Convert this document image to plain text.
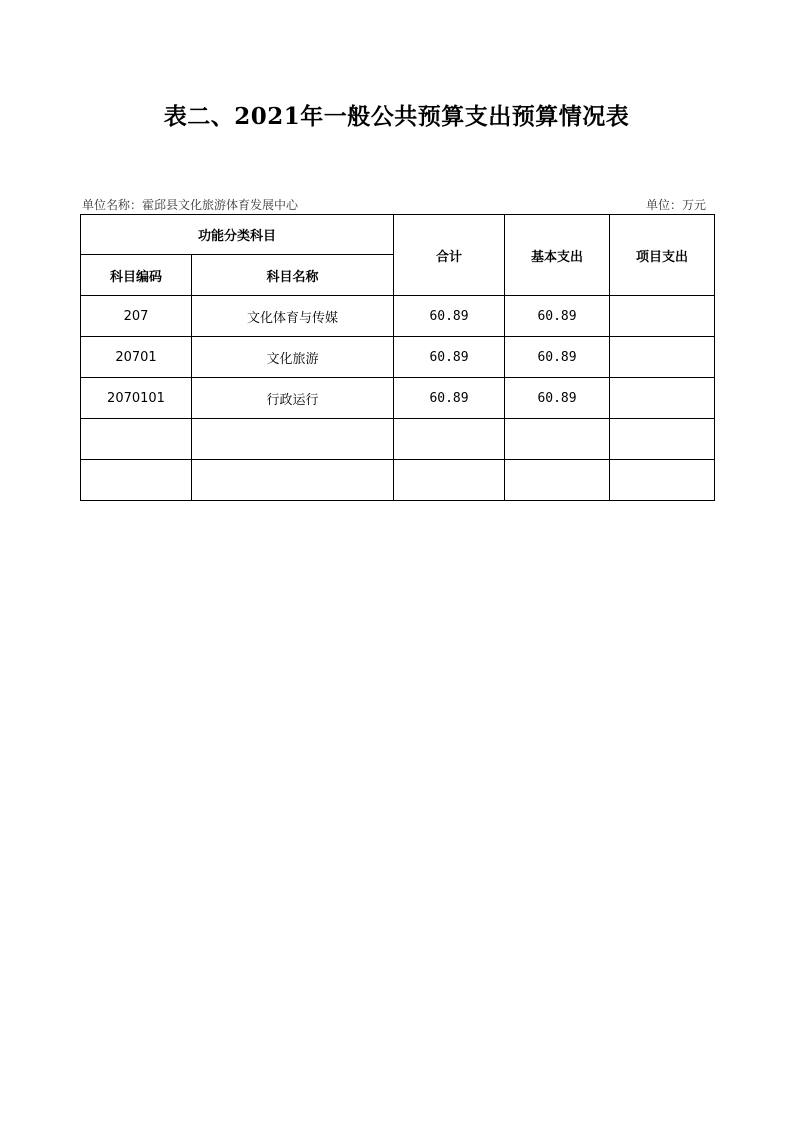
表二、2021年一般公共预算支出预算情况表
单位名称：霍邱县文化旅游体育发展中心	单位：万元
功能分类科目		合计	基本支出	项目支出
科目编码	科目名称			
207	文化体育与传媒	60.89	60.89	
20701	文化旅游	60.89	60.89	
2070101	行政运行	60.89	60.89	
